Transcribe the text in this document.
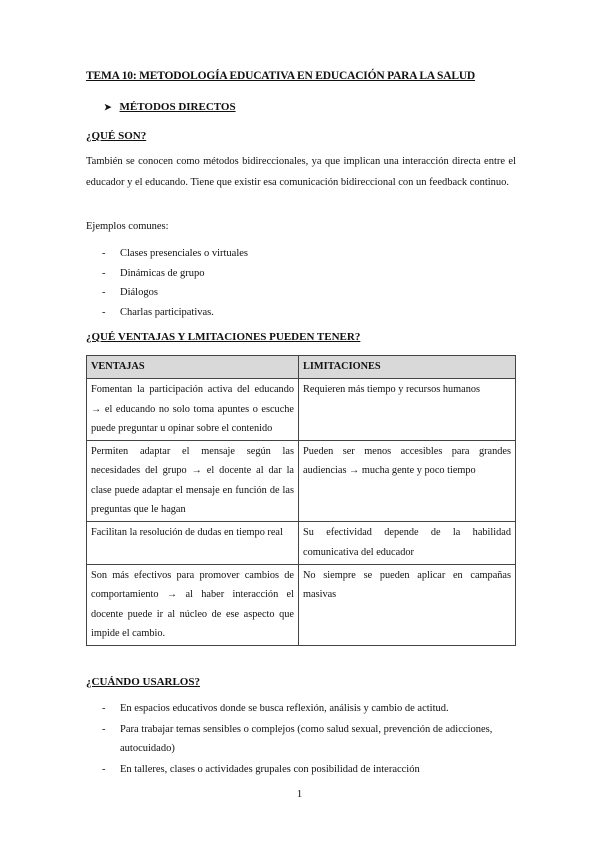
TEMA 10: METODOLOGÍA EDUCATIVA EN EDUCACIÓN PARA LA SALUD
➤ MÉTODOS DIRECTOS
¿QUÉ SON?
También se conocen como métodos bidireccionales, ya que implican una interacción directa entre el educador y el educando. Tiene que existir esa comunicación bidireccional con un feedback continuo.
Ejemplos comunes:
- Clases presenciales o virtuales
- Dinámicas de grupo
- Diálogos
- Charlas participativas.
¿QUÉ VENTAJAS Y LMITACIONES PUEDEN TENER?
VENTAJAS	LIMITACIONES
Fomentan la participación activa del educando → el educando no solo toma apuntes o escuche puede preguntar u opinar sobre el contenido	Requieren más tiempo y recursos humanos
Permiten adaptar el mensaje según las necesidades del grupo → el docente al dar la clase puede adaptar el mensaje en función de las preguntas que le hagan	Pueden ser menos accesibles para grandes audiencias → mucha gente y poco tiempo
Facilitan la resolución de dudas en tiempo real	Su efectividad depende de la habilidad comunicativa del educador
Son más efectivos para promover cambios de comportamiento → al haber interacción el docente puede ir al núcleo de ese aspecto que impide el cambio.	No siempre se pueden aplicar en campañas masivas
¿CUÁNDO USARLOS?
- En espacios educativos donde se busca reflexión, análisis y cambio de actitud.
- Para trabajar temas sensibles o complejos (como salud sexual, prevención de adicciones, autocuidado)
- En talleres, clases o actividades grupales con posibilidad de interacción
1
